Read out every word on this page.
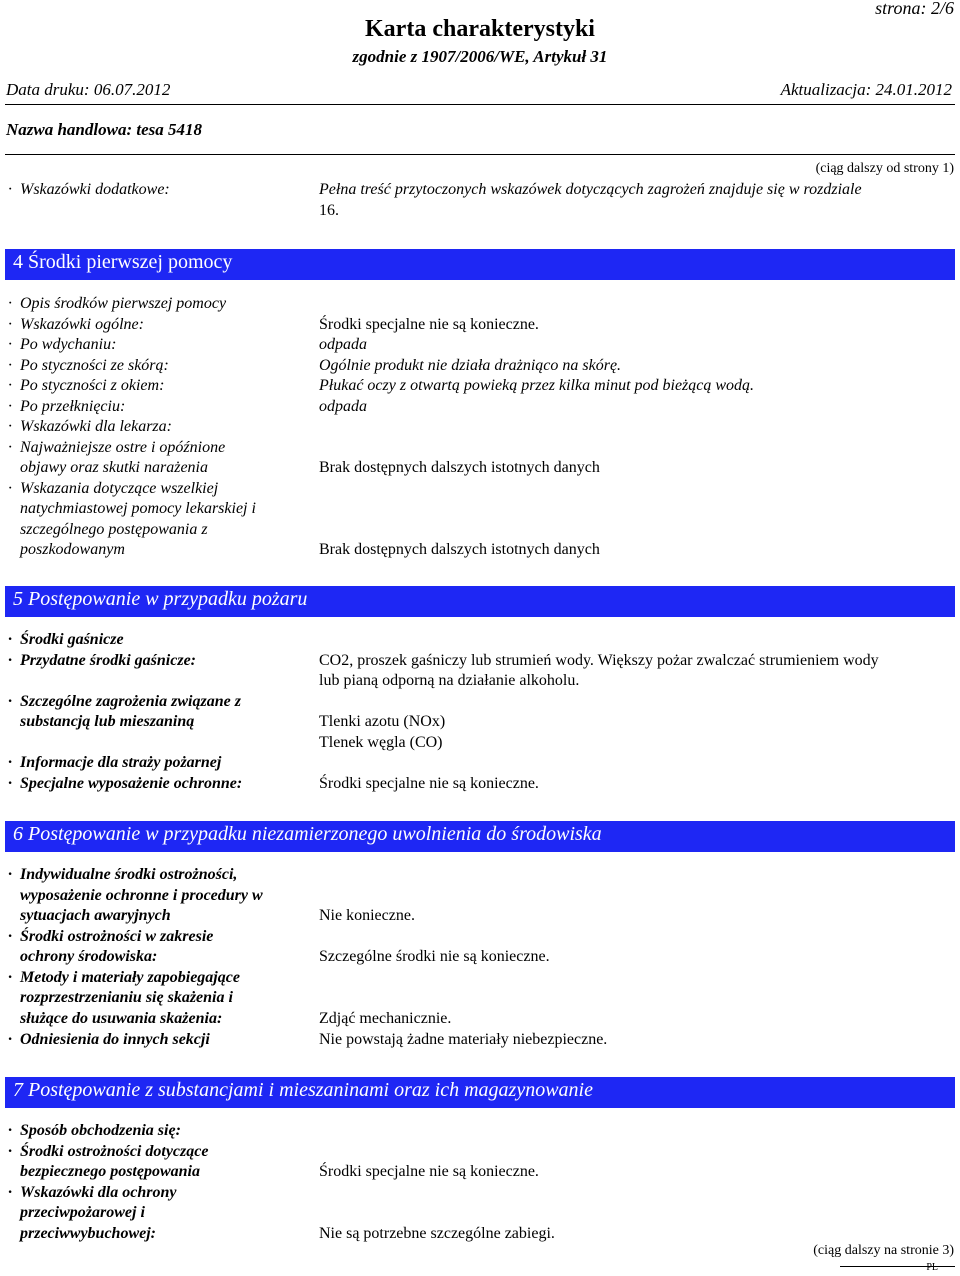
strona: 2/6
Karta charakterystyki
zgodnie z 1907/2006/WE, Artykuł 31
Data druku: 06.07.2012	Aktualizacja: 24.01.2012
Nazwa handlowa: tesa 5418
(ciąg dalszy od strony 1)
· Wskazówki dodatkowe:	Pełna treść przytoczonych wskazówek dotyczących zagrożeń znajduje się w rozdziale
16.
4 Środki pierwszej pomocy
· Opis środków pierwszej pomocy
· Wskazówki ogólne:	Środki specjalne nie są konieczne.
· Po wdychaniu:	odpada
· Po styczności ze skórą:	Ogólnie produkt nie działa drażniąco na skórę.
· Po styczności z okiem:	Płukać oczy z otwartą powieką przez kilka minut pod bieżącą wodą.
· Po przełknięciu:	odpada
· Wskazówki dla lekarza:
· Najważniejsze ostre i opóźnione
objawy oraz skutki narażenia	Brak dostępnych dalszych istotnych danych
· Wskazania dotyczące wszelkiej
natychmiastowej pomocy lekarskiej i
szczególnego postępowania z
poszkodowanym	Brak dostępnych dalszych istotnych danych
5 Postępowanie w przypadku pożaru
· Środki gaśnicze
· Przydatne środki gaśnicze:	CO2, proszek gaśniczy lub strumień wody. Większy pożar zwalczać strumieniem wody
lub pianą odporną na działanie alkoholu.
· Szczególne zagrożenia związane z
substancją lub mieszaniną	Tlenki azotu (NOx)
Tlenek węgla (CO)
· Informacje dla straży pożarnej
· Specjalne wyposażenie ochronne:	Środki specjalne nie są konieczne.
6 Postępowanie w przypadku niezamierzonego uwolnienia do środowiska
· Indywidualne środki ostrożności,
wyposażenie ochronne i procedury w
sytuacjach awaryjnych	Nie konieczne.
· Środki ostrożności w zakresie
ochrony środowiska:	Szczególne środki nie są konieczne.
· Metody i materiały zapobiegające
rozprzestrzenianiu się skażenia i
służące do usuwania skażenia:	Zdjąć mechanicznie.
· Odniesienia do innych sekcji	Nie powstają żadne materiały niebezpieczne.
7 Postępowanie z substancjami i mieszaninami oraz ich magazynowanie
· Sposób obchodzenia się:
· Środki ostrożności dotyczące
bezpiecznego postępowania	Środki specjalne nie są konieczne.
· Wskazówki dla ochrony
przeciwpożarowej i
przeciwwybuchowej:	Nie są potrzebne szczególne zabiegi.
(ciąg dalszy na stronie 3)
PL
